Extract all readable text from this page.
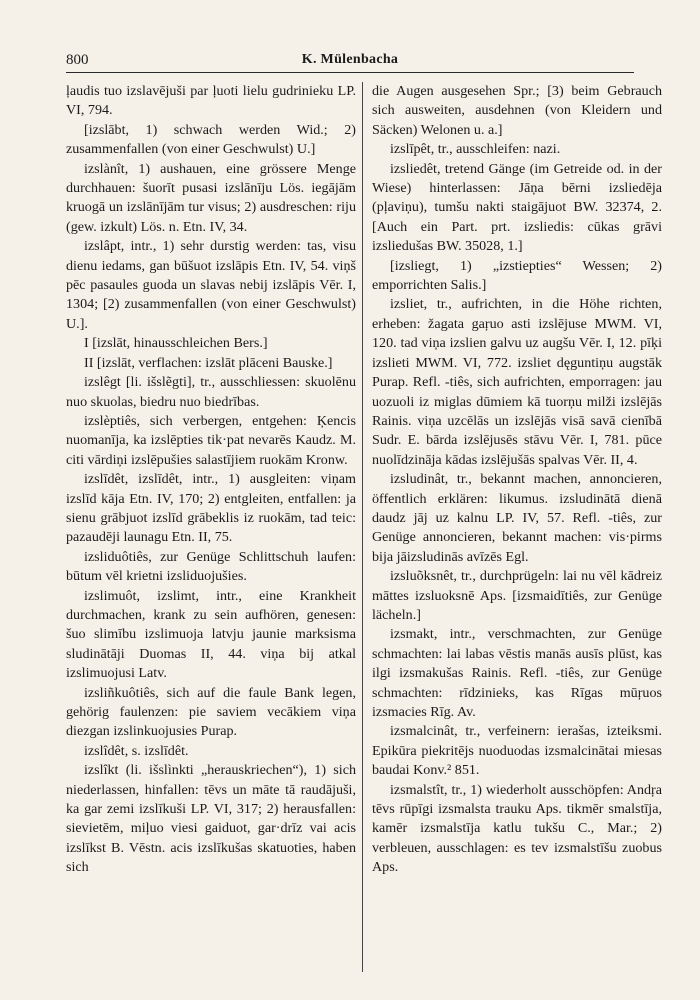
800	K. Mülenbacha

ļaudis tuo izslavējuši par ļuoti lielu gudrinieku LP. VI, 794.

[izslābt, 1) schwach werden Wid.; 2) zusammenfallen (von einer Geschwulst) U.]

izslànît, 1) aushauen, eine grössere Menge durchhauen: šuorīt pusasi izslānīju Lös. iegājām kruogā un izslānījām tur visus; 2) ausdreschen: riju (gew. izkult) Lös. n. Etn. IV, 34.

izslâpt, intr., 1) sehr durstig werden: tas, visu dienu iedams, gan būšuot izslāpis Etn. IV, 54. viņš pēc pasaules guoda un slavas nebij izslāpis Vēr. I, 1304; [2) zusammenfallen (von einer Geschwulst) U.].

I [izslāt, hinausschleichen Bers.]

II [izslāt, verflachen: izslāt plāceni Bauske.]

izslêgt [li. išslẽgti], tr., ausschliessen: skuolēnu nuo skuolas, biedru nuo biedrības.

izslèptiês, sich verbergen, entgehen: Ķencis nuomanīja, ka izslēpties tik·pat nevarēs Kaudz. M. citi vārdiņi izslēpušies salastījiem ruokām Kronw.

izslīdêt, izslīdêt, intr., 1) ausgleiten: viņam izslīd kāja Etn. IV, 170; 2) entgleiten, entfallen: ja sienu grābjuot izslīd grābeklis iz ruokām, tad teic: pazaudēji launagu Etn. II, 75.

izsliduôtiês, zur Genüge Schlittschuh laufen: būtum vēl krietni izsliduojušies.

izslimuôt, izslimt, intr., eine Krankheit durchmachen, krank zu sein aufhören, genesen: šuo slimību izslimuoja latvju jaunie marksisma sludinātāji Duomas II, 44. viņa bij atkal izslimuojusi Latv.

izsliñkuôtiês, sich auf die faule Bank legen, gehörig faulenzen: pie saviem vecākiem viņa diezgan izslinkuojusies Purap.

izslîdêt, s. izslīdêt.

izslîkt (li. išslìnkti „herauskriechen“), 1) sich niederlassen, hinfallen: tēvs un māte tā raudājuši, ka gar zemi izslīkuši LP. VI, 317; 2) herausfallen: sievietēm, miļuo viesi gaiduot, gar·drīz vai acis izslīkst B. Vēstn. acis izslīkušas skatuoties, haben sich

die Augen ausgesehen Spr.; [3) beim Gebrauch sich ausweiten, ausdehnen (von Kleidern und Säcken) Welonen u. a.]

izslīpêt, tr., ausschleifen: nazi.

izsliedêt, tretend Gänge (im Getreide od. in der Wiese) hinterlassen: Jāņa bērni izsliedēja (pļaviņu), tumšu nakti staigājuot BW. 32374, 2. [Auch ein Part. prt. izsliedis: cūkas grāvi izsliedušas BW. 35028, 1.]

[izsliegt, 1) „izstiepties“ Wessen; 2) emporrichten Salis.]

izsliet, tr., aufrichten, in die Höhe richten, erheben: žagata gaŗuo asti izslējuse MWM. VI, 120. tad viņa izslien galvu uz augšu Vēr. I, 12. pīķi izslieti MWM. VI, 772. izsliet dęguntiņu augstāk Purap. Refl. -tiês, sich aufrichten, emporragen: jau uozuoli iz miglas dūmiem kā tuorņu milži izslējās Rainis. viņa uzcēlās un izslējās visā savā cienībā Sudr. E. bārda izslējusēs stāvu Vēr. I, 781. pūce nuolīdzināja kādas izslējušās spalvas Vēr. II, 4.

izsludinât, tr., bekannt machen, annoncieren, öffentlich erklären: likumus. izsludinātā dienā daudz jāj uz kalnu LP. IV, 57. Refl. -tiês, zur Genüge annoncieren, bekannt machen: vis·pirms bija jāizsludinās avīzēs Egl.

izsluõksnêt, tr., durchprügeln: lai nu vēl kādreiz māttes izsluoksnē Aps. [izsmaidītiês, zur Genüge lächeln.]

izsmakt, intr., verschmachten, zur Genüge schmachten: lai labas vēstis manās ausīs plūst, kas ilgi izsmakušas Rainis. Refl. -tiês, zur Genüge schmachten: rīdzinieks, kas Rīgas mūŗuos izsmacies Rīg. Av.

izsmalcinât, tr., verfeinern: ierašas, izteiksmi. Epikūra piekritējs nuoduodas izsmalcinātai miesas baudai Konv.² 851.

izsmalstît, tr., 1) wiederholt ausschöpfen: Andŗa tēvs rūpīgi izsmalsta trauku Aps. tikmēr smalstīja, kamēr izsmalstīja katlu tukšu C., Mar.; 2) verbleuen, ausschlagen: es tev izsmalstīšu zuobus Aps.
